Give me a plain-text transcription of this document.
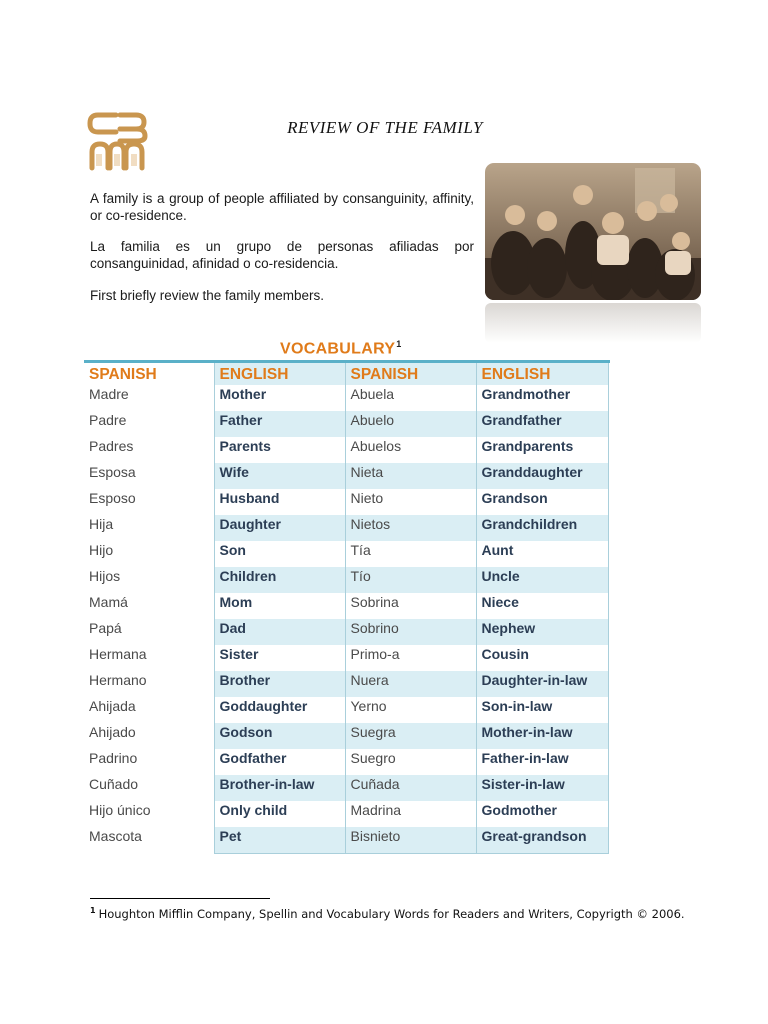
REVIEW OF THE FAMILY

A family is a group of people affiliated by consanguinity, affinity, or co-residence.

La familia es un grupo de personas afiliadas por consanguinidad, afinidad o co-residencia.

First briefly review the family members.

VOCABULARY$^1$
SPANISH	ENGLISH	SPANISH	ENGLISH
Madre	Mother	Abuela	Grandmother
Padre	Father	Abuelo	Grandfather
Padres	Parents	Abuelos	Grandparents
Esposa	Wife	Nieta	Granddaughter
Esposo	Husband	Nieto	Grandson
Hija	Daughter	Nietos	Grandchildren
Hijo	Son	Tía	Aunt
Hijos	Children	Tío	Uncle
Mamá	Mom	Sobrina	Niece
Papá	Dad	Sobrino	Nephew
Hermana	Sister	Primo-a	Cousin
Hermano	Brother	Nuera	Daughter-in-law
Ahijada	Goddaughter	Yerno	Son-in-law
Ahijado	Godson	Suegra	Mother-in-law
Padrino	Godfather	Suegro	Father-in-law
Cuñado	Brother-in-law	Cuñada	Sister-in-law
Hijo único	Only child	Madrina	Godmother
Mascota	Pet	Bisnieto	Great-grandson
$^1$ Houghton Mifflin Company, Spellin and Vocabulary Words for Readers and Writers, Copyrigth © 2006.
